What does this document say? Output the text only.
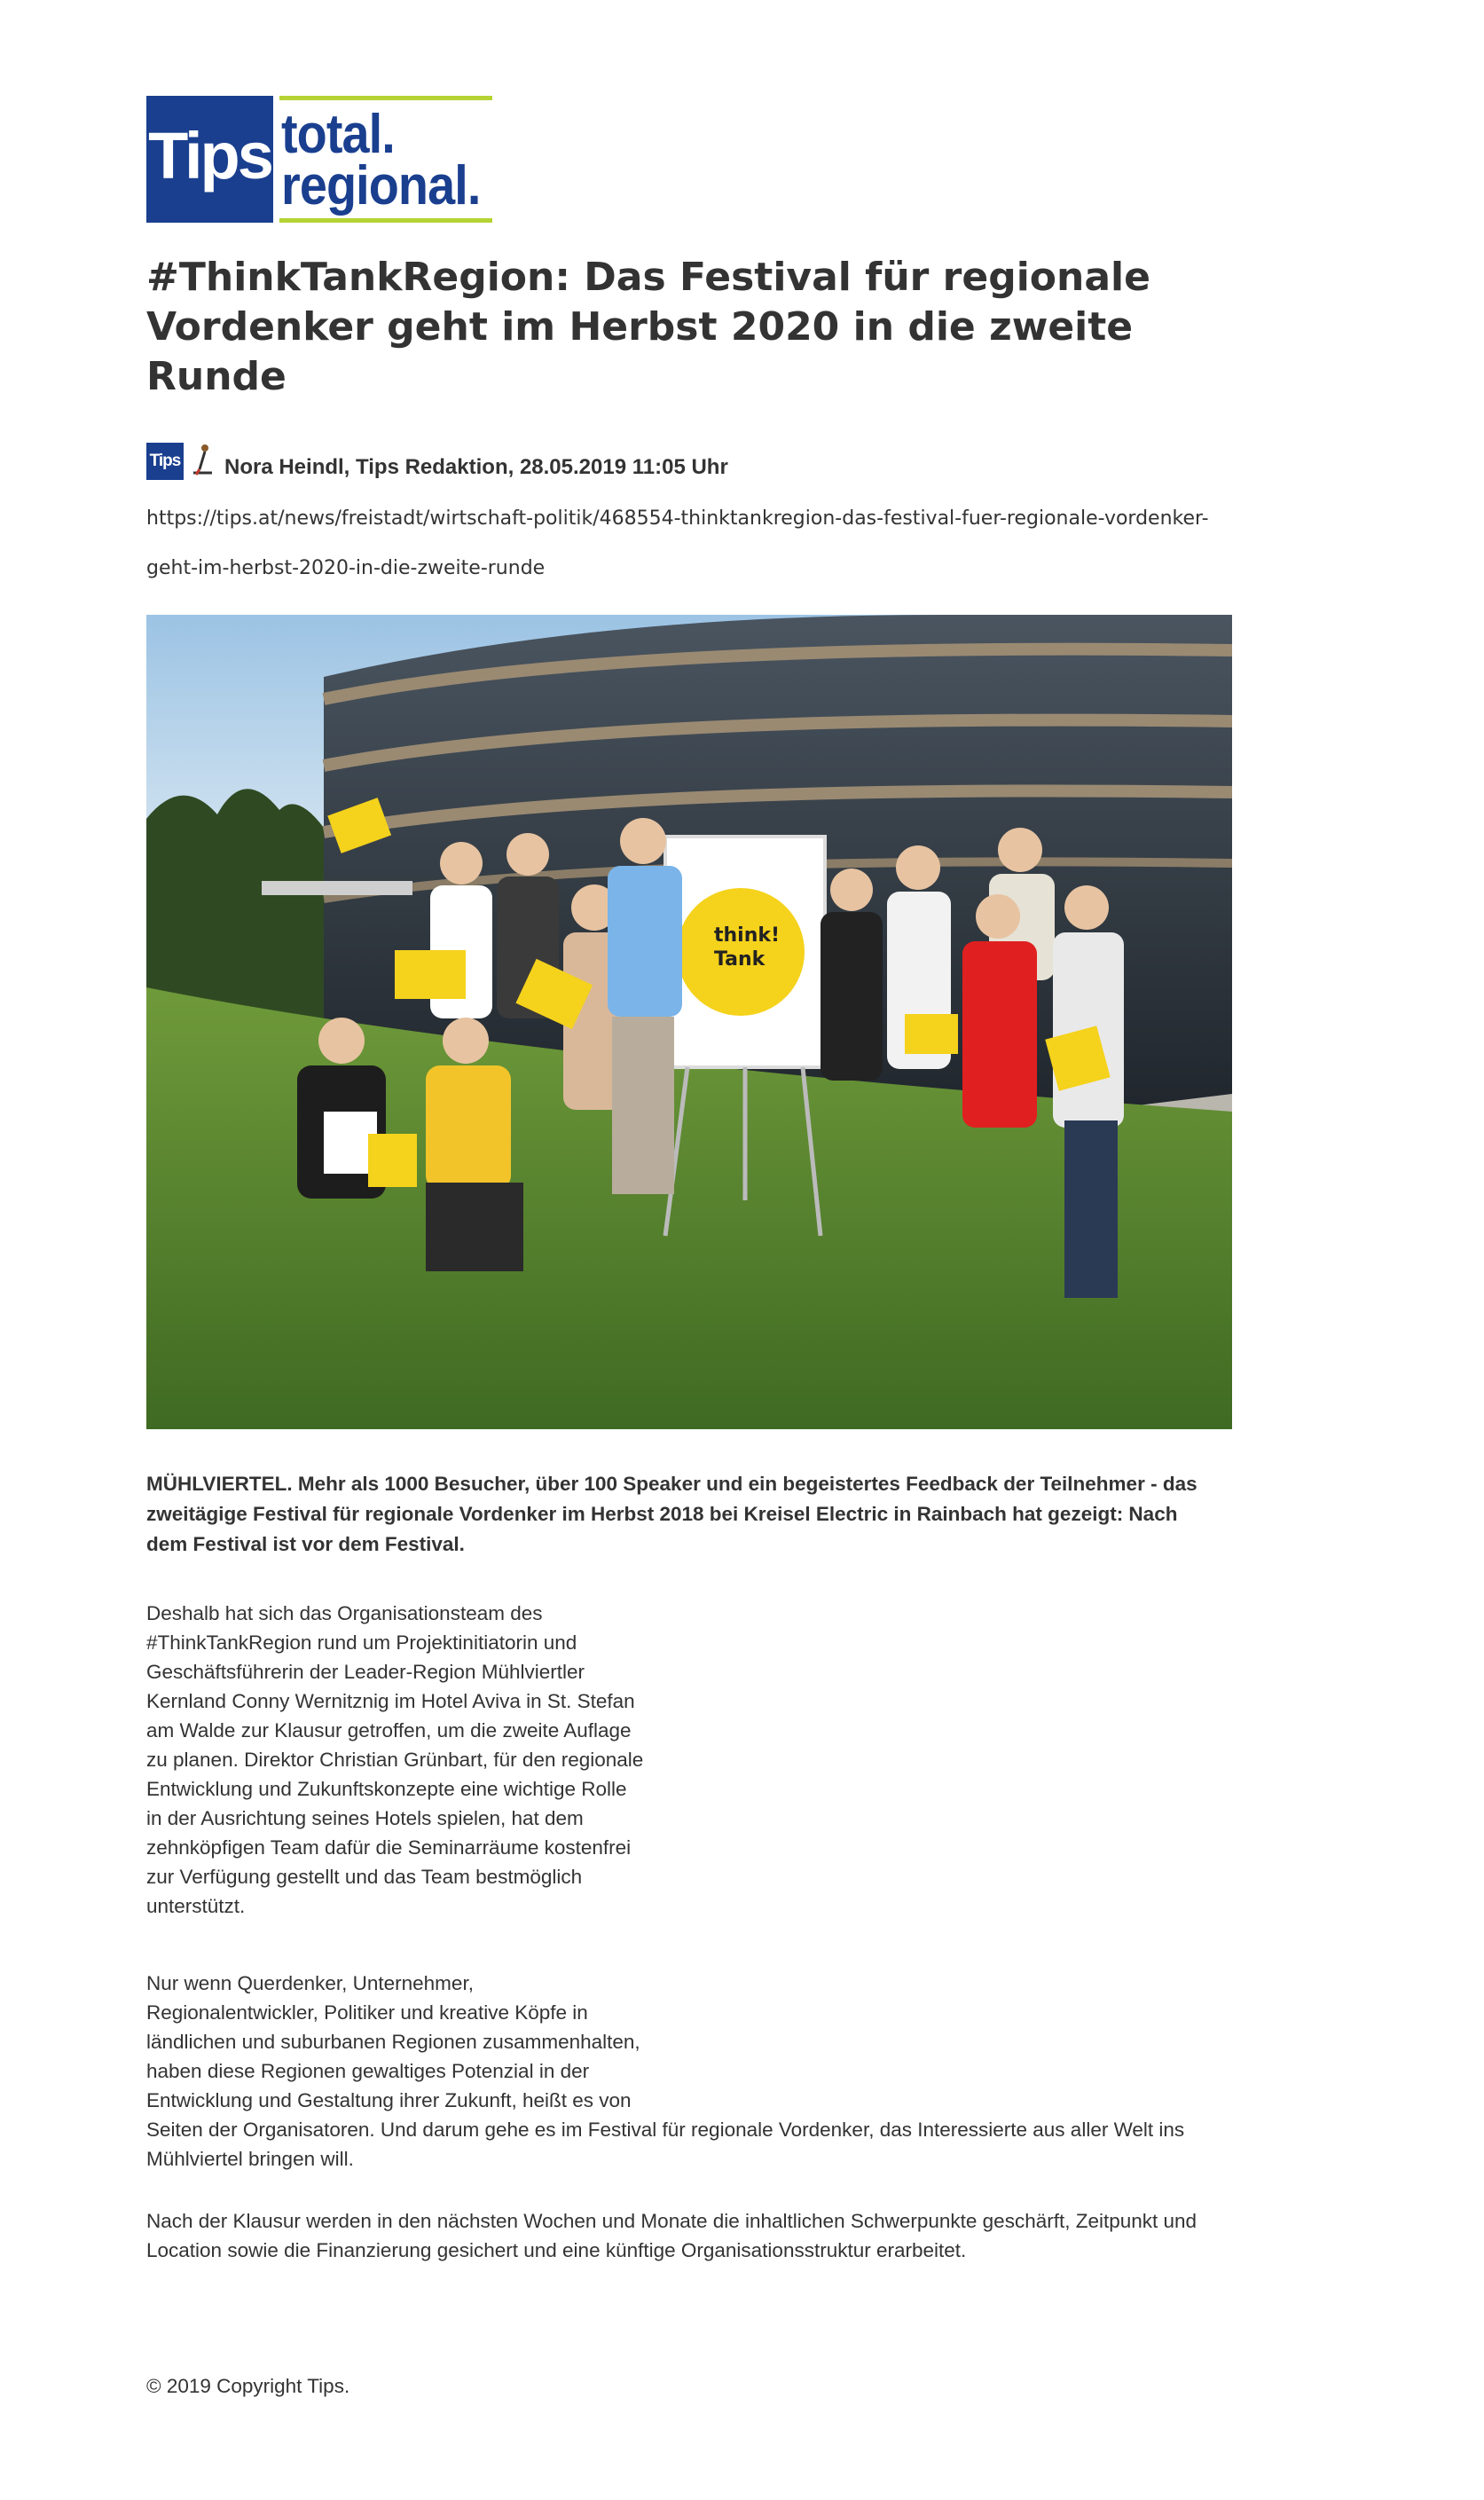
Tips total.
regional.
#ThinkTankRegion: Das Festival für regionale
Vordenker geht im Herbst 2020 in die zweite
Runde
Tips Nora Heindl, Tips Redaktion, 28.05.2019 11:05 Uhr
https://tips.at/news/freistadt/wirtschaft-politik/468554-thinktankregion-das-festival-fuer-regionale-vordenker-
geht-im-herbst-2020-in-die-zweite-runde
think!
Tank

MÜHLVIERTEL. Mehr als 1000 Besucher, über 100 Speaker und ein begeistertes Feedback der Teilnehmer - das
zweitägige Festival für regionale Vordenker im Herbst 2018 bei Kreisel Electric in Rainbach hat gezeigt: Nach
dem Festival ist vor dem Festival.

Deshalb hat sich das Organisationsteam des
#ThinkTankRegion rund um Projektinitiatorin und
Geschäftsführerin der Leader-Region Mühlviertler
Kernland Conny Wernitznig im Hotel Aviva in St. Stefan
am Walde zur Klausur getroffen, um die zweite Auflage
zu planen. Direktor Christian Grünbart, für den regionale
Entwicklung und Zukunftskonzepte eine wichtige Rolle
in der Ausrichtung seines Hotels spielen, hat dem
zehnköpfigen Team dafür die Seminarräume kostenfrei
zur Verfügung gestellt und das Team bestmöglich
unterstützt.

Nur wenn Querdenker, Unternehmer,
Regionalentwickler, Politiker und kreative Köpfe in
ländlichen und suburbanen Regionen zusammenhalten,
haben diese Regionen gewaltiges Potenzial in der
Entwicklung und Gestaltung ihrer Zukunft, heißt es von
Seiten der Organisatoren. Und darum gehe es im Festival für regionale Vordenker, das Interessierte aus aller Welt ins
Mühlviertel bringen will.

Nach der Klausur werden in den nächsten Wochen und Monate die inhaltlichen Schwerpunkte geschärft, Zeitpunkt und
Location sowie die Finanzierung gesichert und eine künftige Organisationsstruktur erarbeitet.

© 2019 Copyright Tips.
